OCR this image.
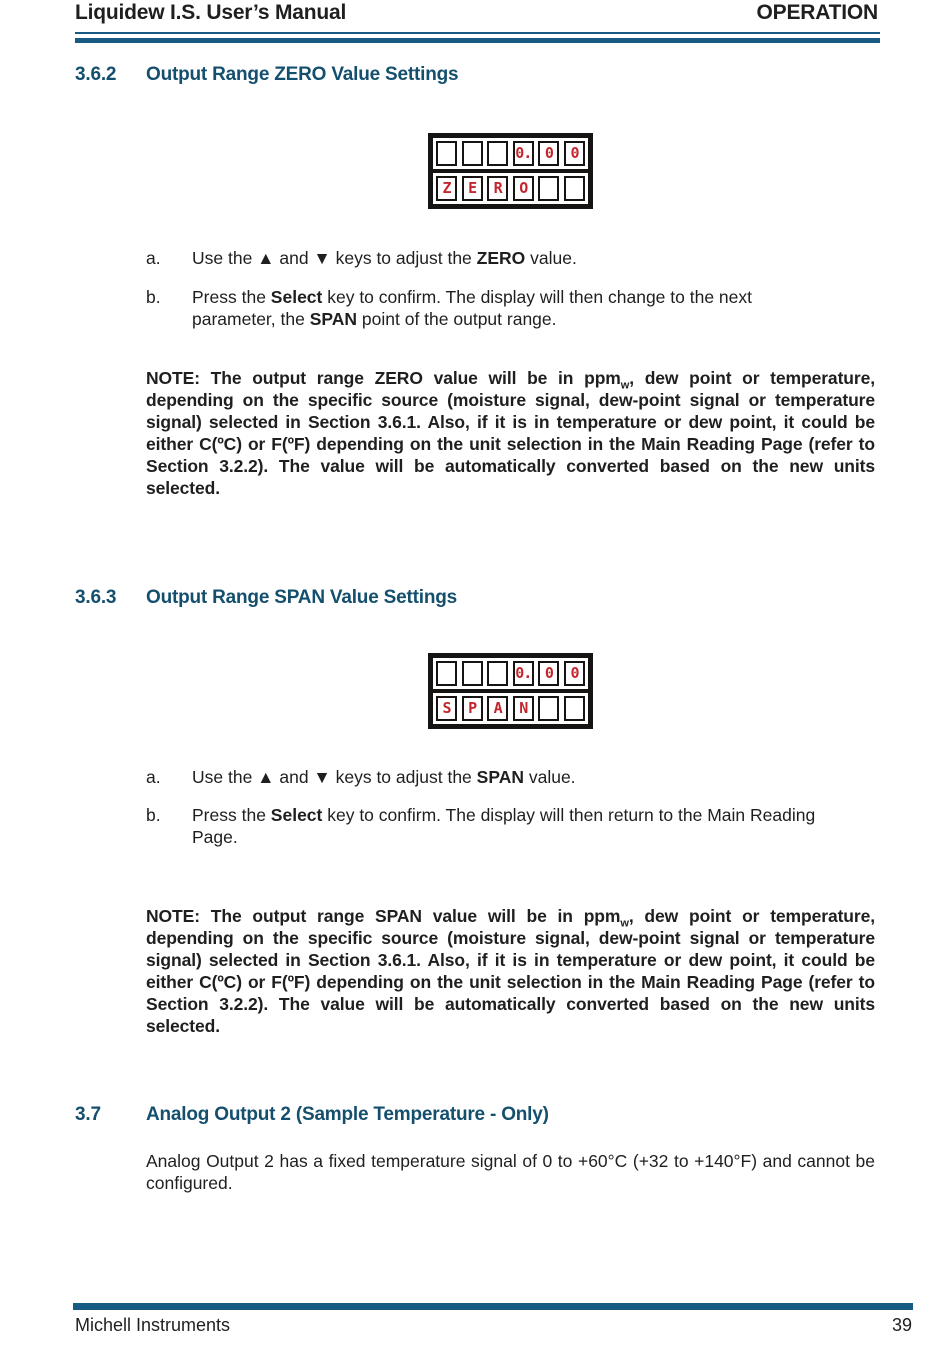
Liquidew I.S. User’s Manual	OPERATION
3.6.2	Output Range ZERO Value Settings
0. 0	0
Z	E	R	O
a.	Use the ▲ and ▼ keys to adjust the ZERO value.
b.	Press the Select key to confirm. The display will then change to the next parameter, the SPAN point of the output range.
NOTE: The output range ZERO value will be in ppm$_w$, dew point or temperature, depending on the specific source (moisture signal, dew-point signal or temperature signal) selected in Section 3.6.1. Also, if it is in temperature or dew point, it could be either C(ºC) or F(ºF) depending on the unit selection in the Main Reading Page (refer to Section 3.2.2). The value will be automatically converted based on the new units selected.
3.6.3	Output Range SPAN Value Settings
0. 0	0
S	P	A	N
a.	Use the ▲ and ▼ keys to adjust the SPAN value.
b.	Press the Select key to confirm. The display will then return to the Main Reading Page.
NOTE: The output range SPAN value will be in ppm$_w$, dew point or temperature, depending on the specific source (moisture signal, dew-point signal or temperature signal) selected in Section 3.6.1. Also, if it is in temperature or dew point, it could be either C(ºC) or F(ºF) depending on the unit selection in the Main Reading Page (refer to Section 3.2.2). The value will be automatically converted based on the new units selected.
3.7	Analog Output 2 (Sample Temperature - Only)
Analog Output 2 has a fixed temperature signal of 0 to +60°C (+32 to +140°F) and cannot be configured.
Michell Instruments	39
